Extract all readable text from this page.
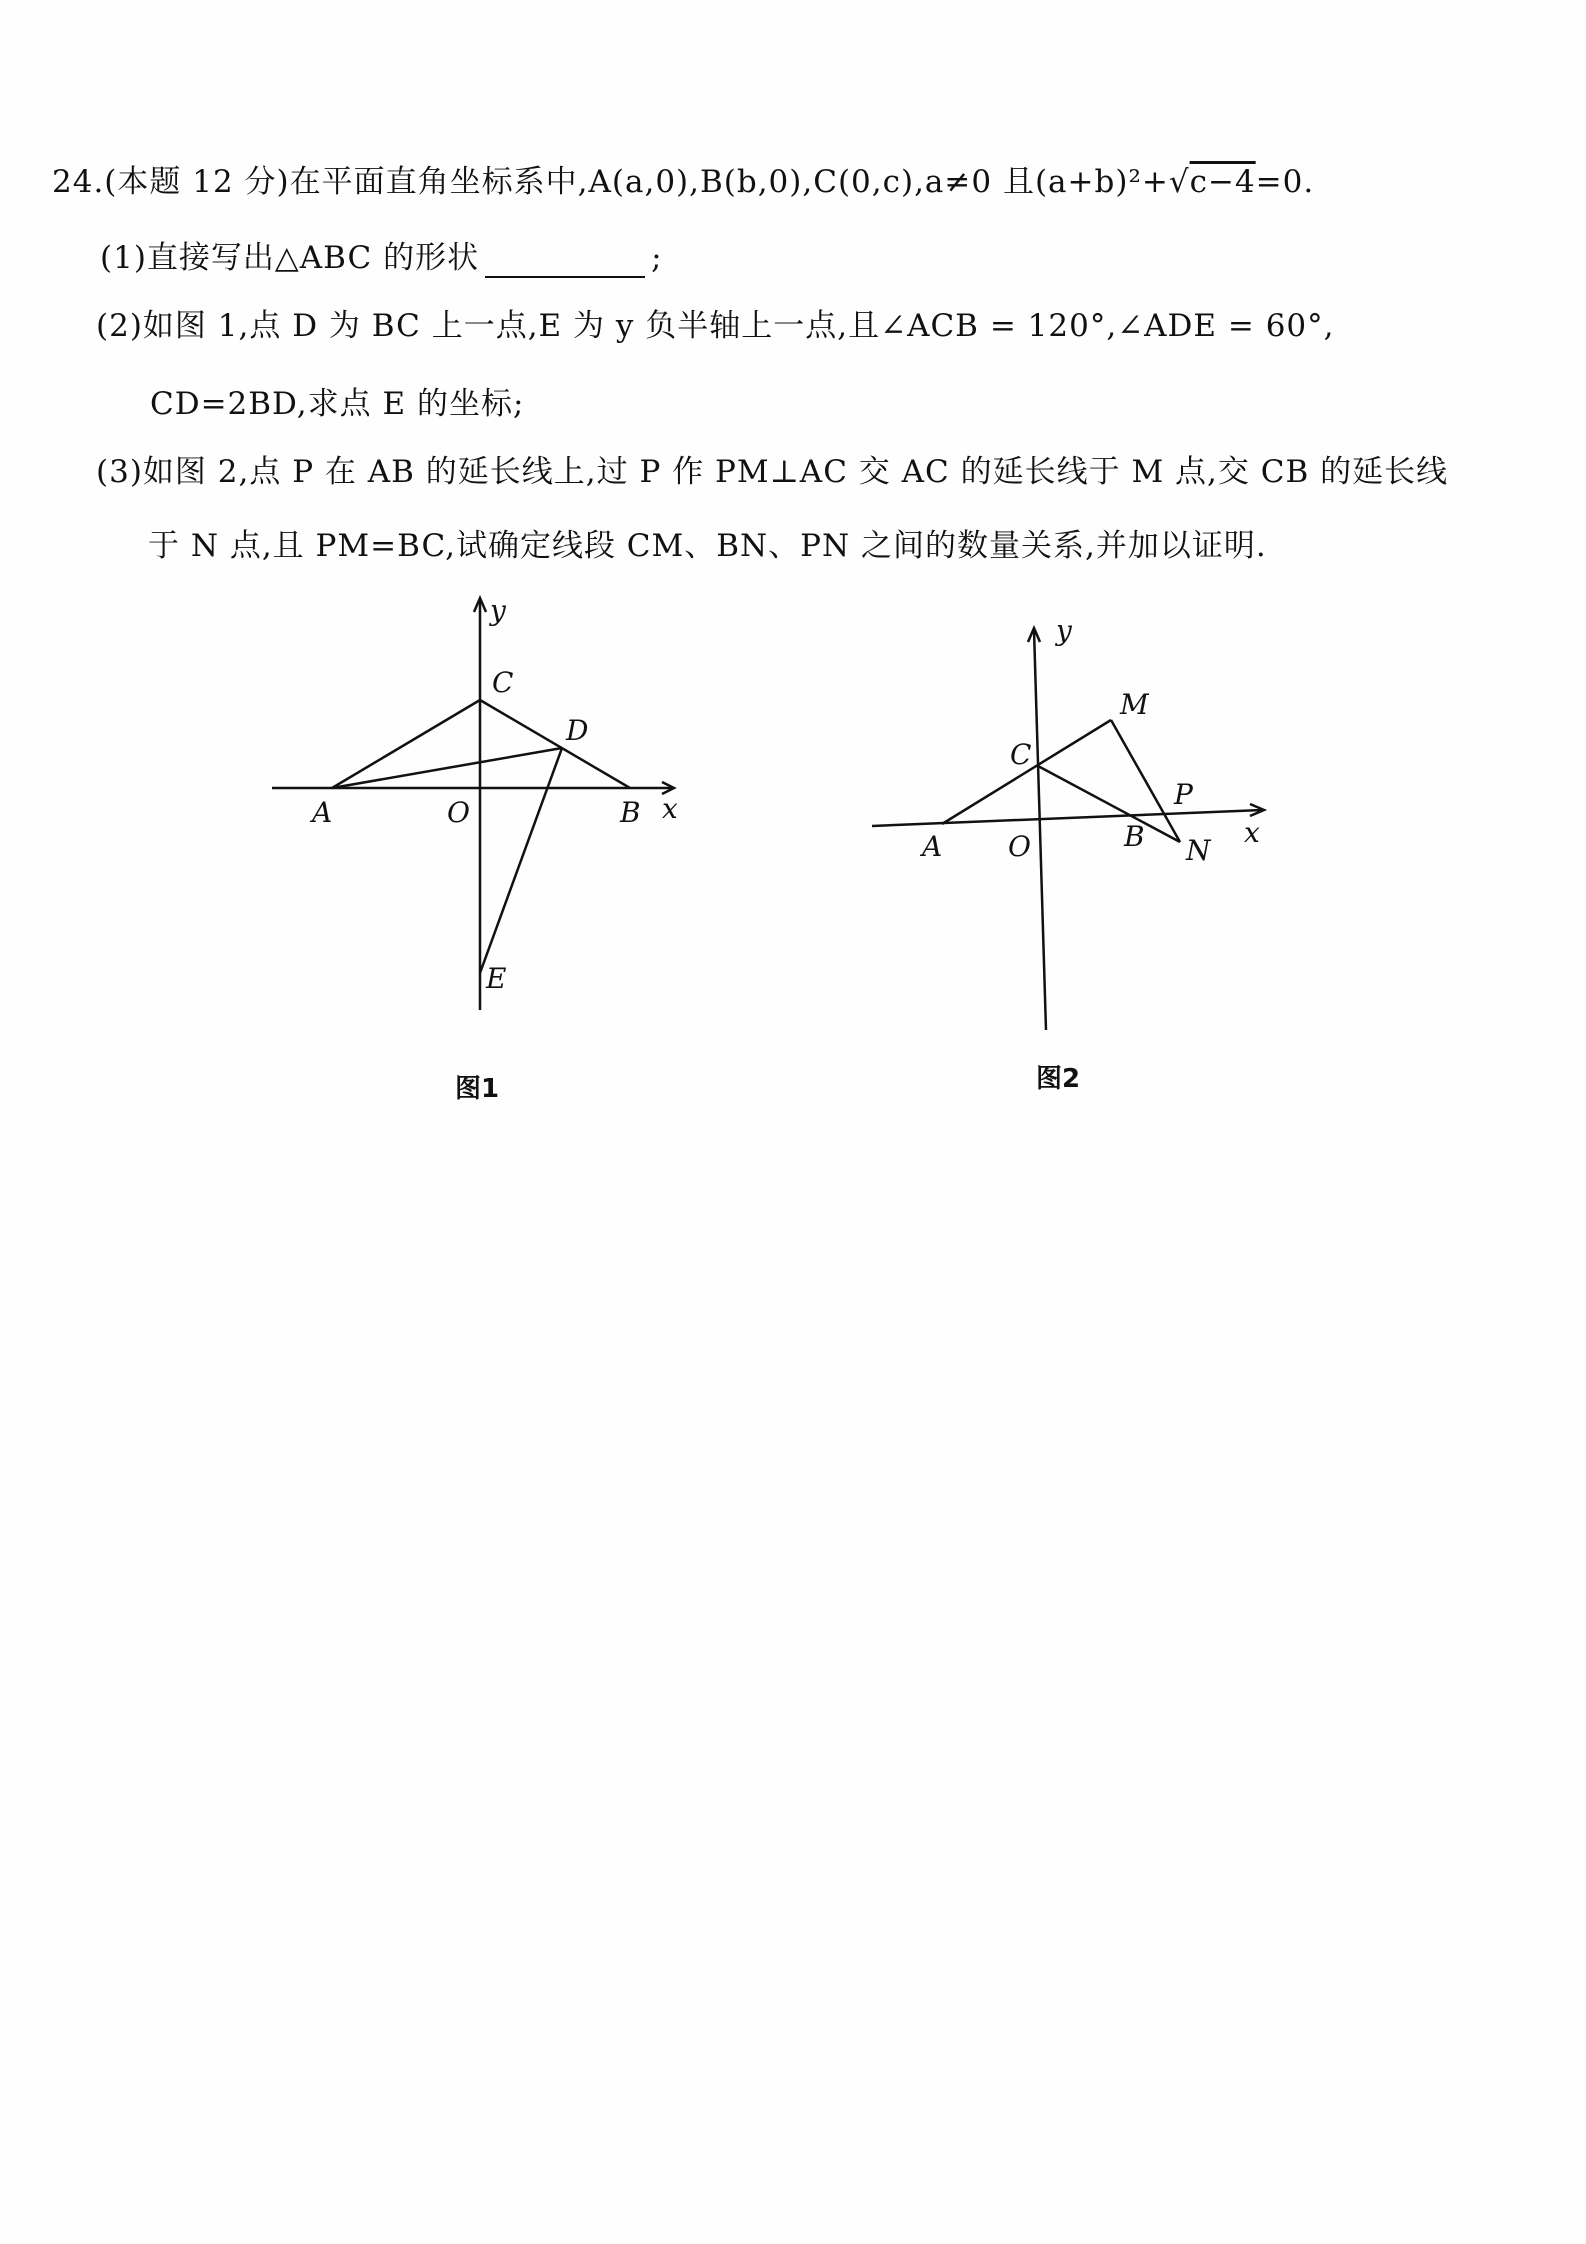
24.(本题 12 分)在平面直角坐标系中,A(a,0),B(b,0),C(0,c),a≠0 且(a+b)²+√c−4=0.
(1)直接写出△ABC 的形状	;
(2)如图 1,点 D 为 BC 上一点,E 为 y 负半轴上一点,且∠ACB = 120°,∠ADE = 60°,
CD=2BD,求点 E 的坐标;
(3)如图 2,点 P 在 AB 的延长线上,过 P 作 PM⊥AC 交 AC 的延长线于 M 点,交 CB 的延长线
于 N 点,且 PM=BC,试确定线段 CM、BN、PN 之间的数量关系,并加以证明.
y
x
A	O	B
C
D
E
图1
y
x
A O	B
C
M
P
N
图2
